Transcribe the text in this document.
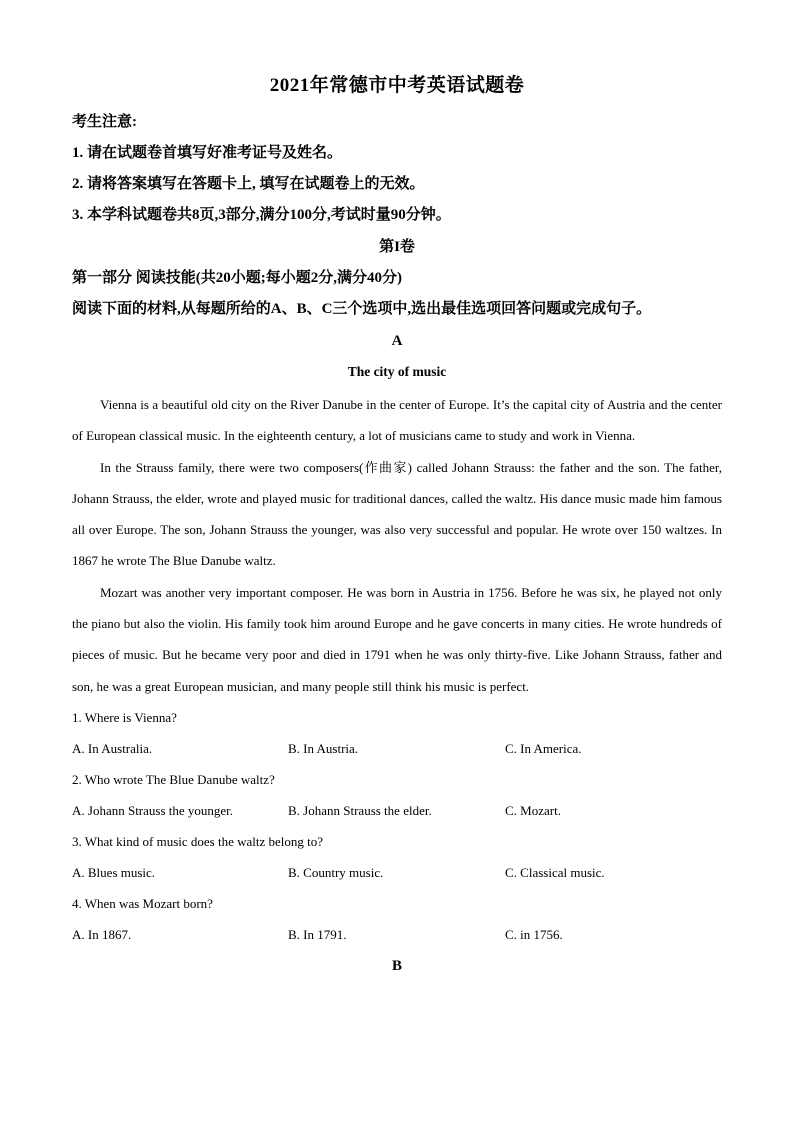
2021年常德市中考英语试题卷
考生注意:
1. 请在试题卷首填写好准考证号及姓名。
2. 请将答案填写在答题卡上, 填写在试题卷上的无效。
3. 本学科试题卷共8页,3部分,满分100分,考试时量90分钟。
第I卷
第一部分 阅读技能(共20小题;每小题2分,满分40分)
阅读下面的材料,从每题所给的A、B、C三个选项中,选出最佳选项回答问题或完成句子。
A
The city of music

Vienna is a beautiful old city on the River Danube in the center of Europe. It’s the capital city of Austria and the center of European classical music. In the eighteenth century, a lot of musicians came to study and work in Vienna.

In the Strauss family, there were two composers(作曲家) called Johann Strauss: the father and the son. The father, Johann Strauss, the elder, wrote and played music for traditional dances, called the waltz. His dance music made him famous all over Europe. The son, Johann Strauss the younger, was also very successful and popular. He wrote over 150 waltzes. In 1867 he wrote The Blue Danube waltz.

Mozart was another very important composer. He was born in Austria in 1756. Before he was six, he played not only the piano but also the violin. His family took him around Europe and he gave concerts in many cities. He wrote hundreds of pieces of music. But he became very poor and died in 1791 when he was only thirty-five. Like Johann Strauss, father and son, he was a great European musician, and many people still think his music is perfect.

1. Where is Vienna?
A. In Australia.	B. In Austria.	C. In America.
2. Who wrote The Blue Danube waltz?
A. Johann Strauss the younger.	B. Johann Strauss the elder.	C. Mozart.
3. What kind of music does the waltz belong to?
A. Blues music.	B. Country music.	C. Classical music.
4. When was Mozart born?
A. In 1867.	B. In 1791.	C. in 1756.
B
